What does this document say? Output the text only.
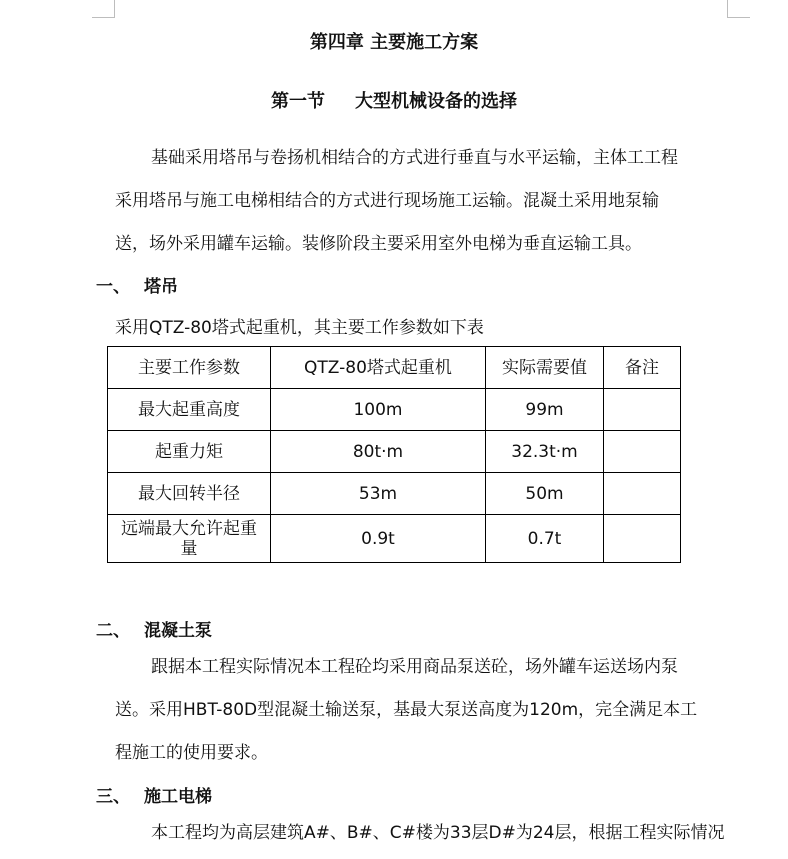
第四章 主要施工方案
第一节 大型机械设备的选择
基础采用塔吊与卷扬机相结合的方式进行垂直与水平运输，主体工工程
采用塔吊与施工电梯相结合的方式进行现场施工运输。混凝土采用地泵输
送，场外采用罐车运输。装修阶段主要采用室外电梯为垂直运输工具。
一、 塔吊
采用QTZ-80塔式起重机，其主要工作参数如下表
主要工作参数	QTZ-80塔式起重机	实际需要值	备注
最大起重高度	100m	99m	
起重力矩	80t·m	32.3t·m	
最大回转半径	53m	50m	
远端最大允许起重量	0.9t	0.7t	
二、 混凝土泵
跟据本工程实际情况本工程砼均采用商品泵送砼，场外罐车运送场内泵
送。采用HBT-80D型混凝土输送泵，基最大泵送高度为120m，完全满足本工
程施工的使用要求。
三、 施工电梯
本工程均为高层建筑A#、B#、C#楼为33层D#为24层，根据工程实际情况
